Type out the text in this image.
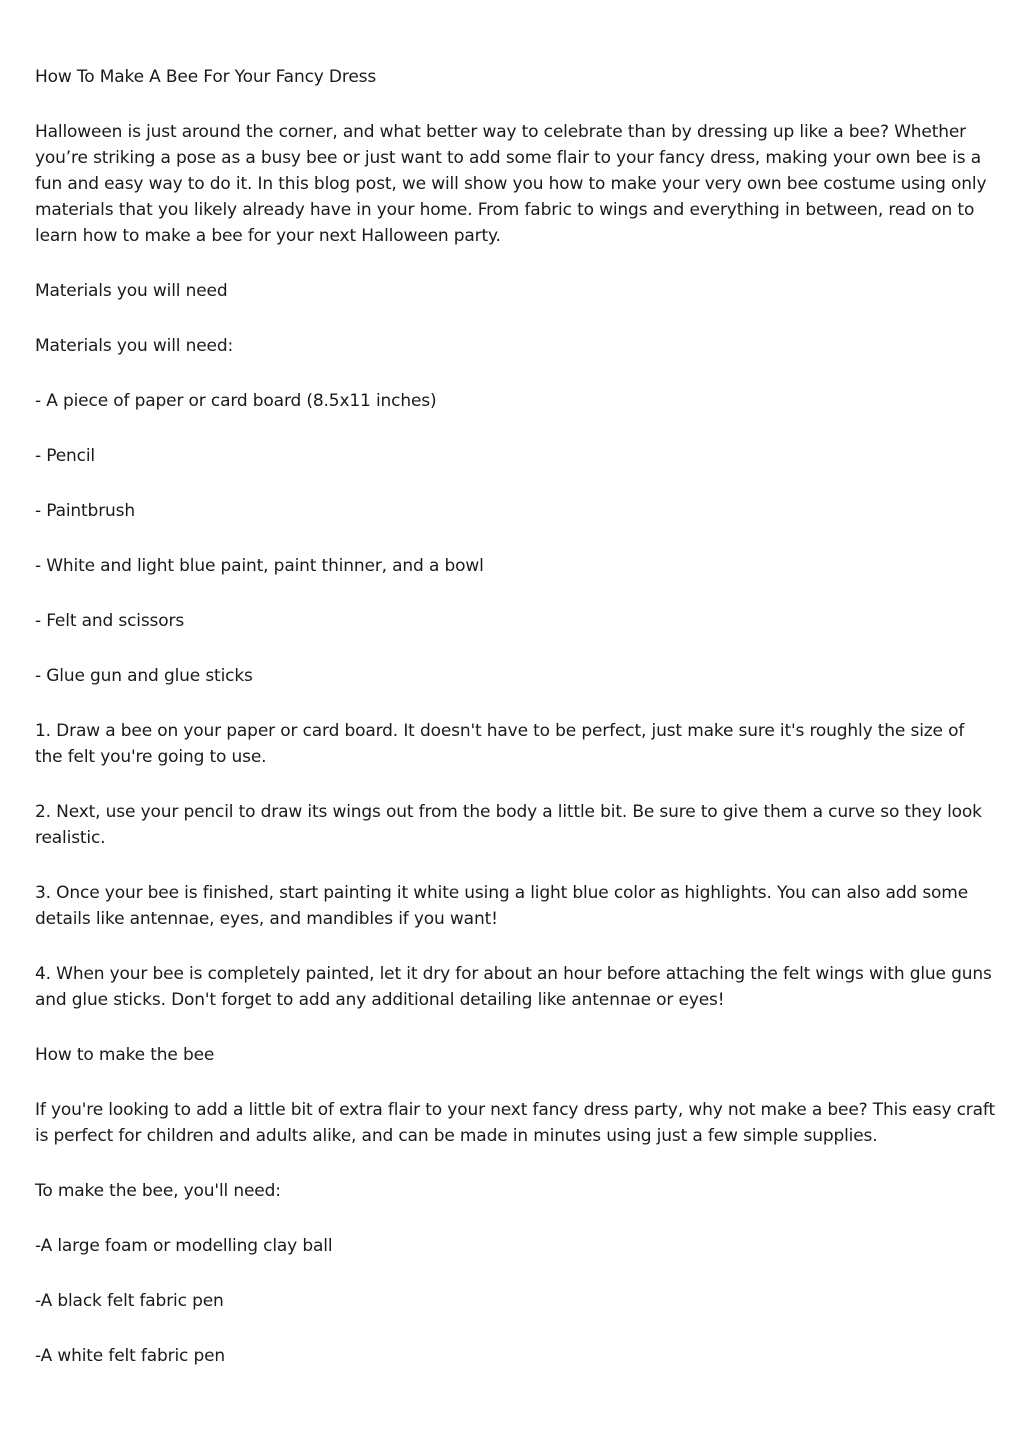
How To Make A Bee For Your Fancy Dress

Halloween is just around the corner, and what better way to celebrate than by dressing up like a bee? Whether you’re striking a pose as a busy bee or just want to add some flair to your fancy dress, making your own bee is a fun and easy way to do it. In this blog post, we will show you how to make your very own bee costume using only materials that you likely already have in your home. From fabric to wings and everything in between, read on to learn how to make a bee for your next Halloween party.

Materials you will need

Materials you will need:

- A piece of paper or card board (8.5x11 inches)

- Pencil

- Paintbrush

- White and light blue paint, paint thinner, and a bowl

- Felt and scissors

- Glue gun and glue sticks

1. Draw a bee on your paper or card board. It doesn't have to be perfect, just make sure it's roughly the size of the felt you're going to use.

2. Next, use your pencil to draw its wings out from the body a little bit. Be sure to give them a curve so they look realistic.

3. Once your bee is finished, start painting it white using a light blue color as highlights. You can also add some details like antennae, eyes, and mandibles if you want!

4. When your bee is completely painted, let it dry for about an hour before attaching the felt wings with glue guns and glue sticks. Don't forget to add any additional detailing like antennae or eyes!

How to make the bee

If you're looking to add a little bit of extra flair to your next fancy dress party, why not make a bee? This easy craft is perfect for children and adults alike, and can be made in minutes using just a few simple supplies.

To make the bee, you'll need:

-A large foam or modelling clay ball

-A black felt fabric pen

-A white felt fabric pen
